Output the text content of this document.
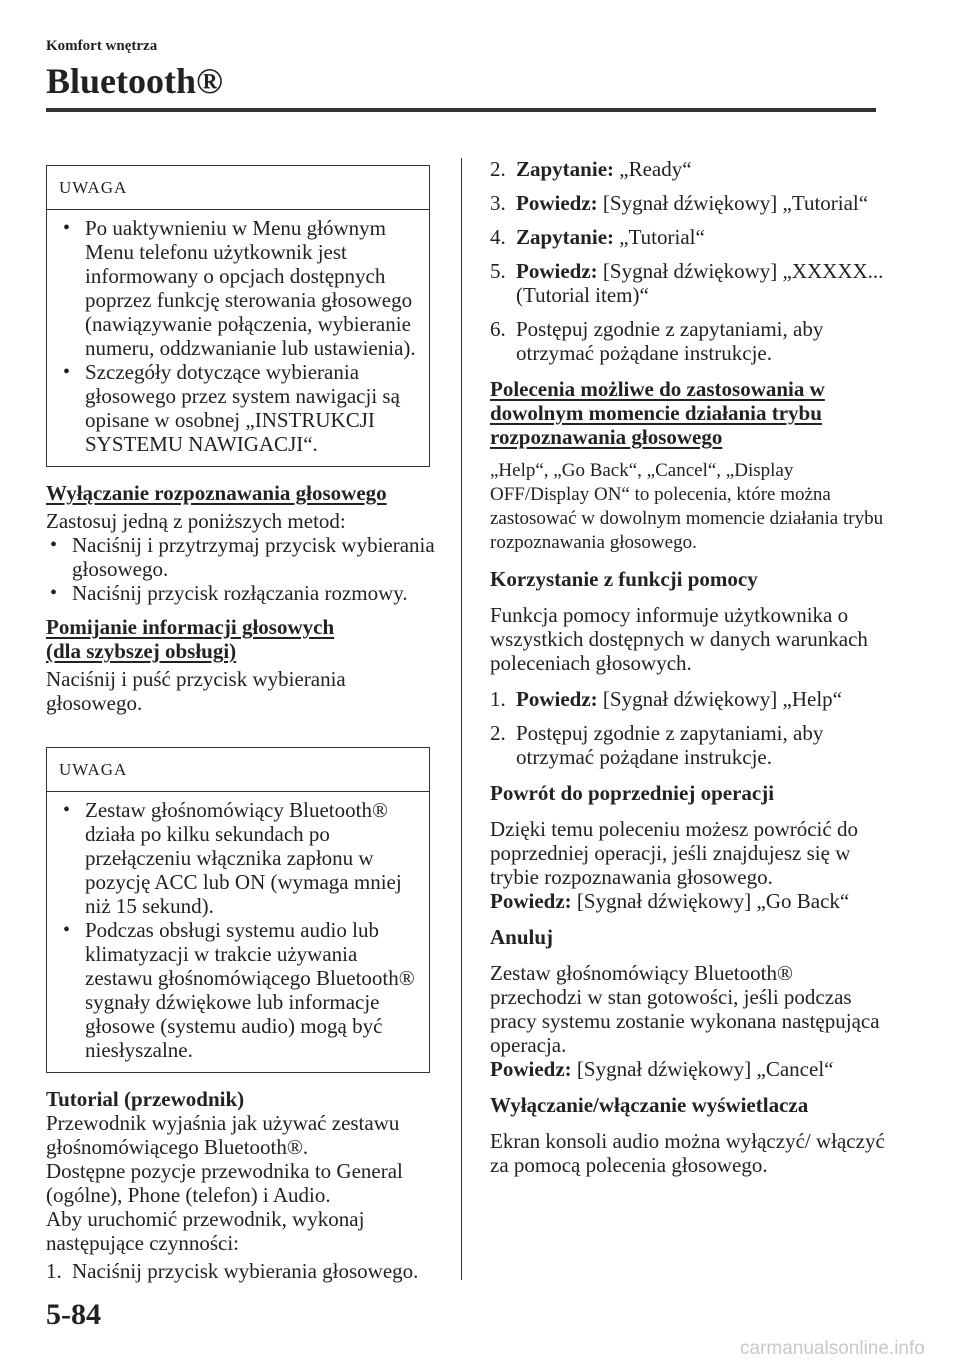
Komfort wnętrza
Bluetooth®
UWAGA
• Po uaktywnieniu w Menu głównym Menu telefonu użytkownik jest informowany o opcjach dostępnych poprzez funkcję sterowania głosowego (nawiązywanie połączenia, wybieranie numeru, oddzwanianie lub ustawienia).
• Szczegóły dotyczące wybierania głosowego przez system nawigacji są opisane w osobnej „INSTRUKCJI SYSTEMU NAWIGACJI“.

Wyłączanie rozpoznawania głosowego

Zastosuj jedną z poniższych metod:

• Naciśnij i przytrzymaj przycisk wybierania głosowego.
• Naciśnij przycisk rozłączania rozmowy.

Pomijanie informacji głosowych
(dla szybszej obsługi)

Naciśnij i puść przycisk wybierania głosowego.

UWAGA
• Zestaw głośnomówiący Bluetooth® działa po kilku sekundach po przełączeniu włącznika zapłonu w pozycję ACC lub ON (wymaga mniej niż 15 sekund).
• Podczas obsługi systemu audio lub klimatyzacji w trakcie używania zestawu głośnomówiącego Bluetooth® sygnały dźwiękowe lub informacje głosowe (systemu audio) mogą być niesłyszalne.

Tutorial (przewodnik)

Przewodnik wyjaśnia jak używać zestawu głośnomówiącego Bluetooth®.

Dostępne pozycje przewodnika to General (ogólne), Phone (telefon) i Audio.

Aby uruchomić przewodnik, wykonaj następujące czynności:

1. Naciśnij przycisk wybierania głosowego.

2. Zapytanie: „Ready“

3. Powiedz: [Sygnał dźwiękowy] „Tutorial“

4. Zapytanie: „Tutorial“

5. Powiedz: [Sygnał dźwiękowy] „XXXXX... (Tutorial item)“

6. Postępuj zgodnie z zapytaniami, aby otrzymać pożądane instrukcje.

Polecenia możliwe do zastosowania w dowolnym momencie działania trybu rozpoznawania głosowego

„Help“, „Go Back“, „Cancel“, „Display OFF/Display ON“ to polecenia, które można zastosować w dowolnym momencie działania trybu rozpoznawania głosowego.

Korzystanie z funkcji pomocy

Funkcja pomocy informuje użytkownika o wszystkich dostępnych w danych warunkach poleceniach głosowych.

1. Powiedz: [Sygnał dźwiękowy] „Help“

2. Postępuj zgodnie z zapytaniami, aby otrzymać pożądane instrukcje.

Powrót do poprzedniej operacji

Dzięki temu poleceniu możesz powrócić do poprzedniej operacji, jeśli znajdujesz się w trybie rozpoznawania głosowego.

Powiedz: [Sygnał dźwiękowy] „Go Back“

Anuluj

Zestaw głośnomówiący Bluetooth® przechodzi w stan gotowości, jeśli podczas pracy systemu zostanie wykonana następująca operacja.

Powiedz: [Sygnał dźwiękowy] „Cancel“

Wyłączanie/włączanie wyświetlacza

Ekran konsoli audio można wyłączyć/ włączyć za pomocą polecenia głosowego.

5-84
carmanualsonline.info
